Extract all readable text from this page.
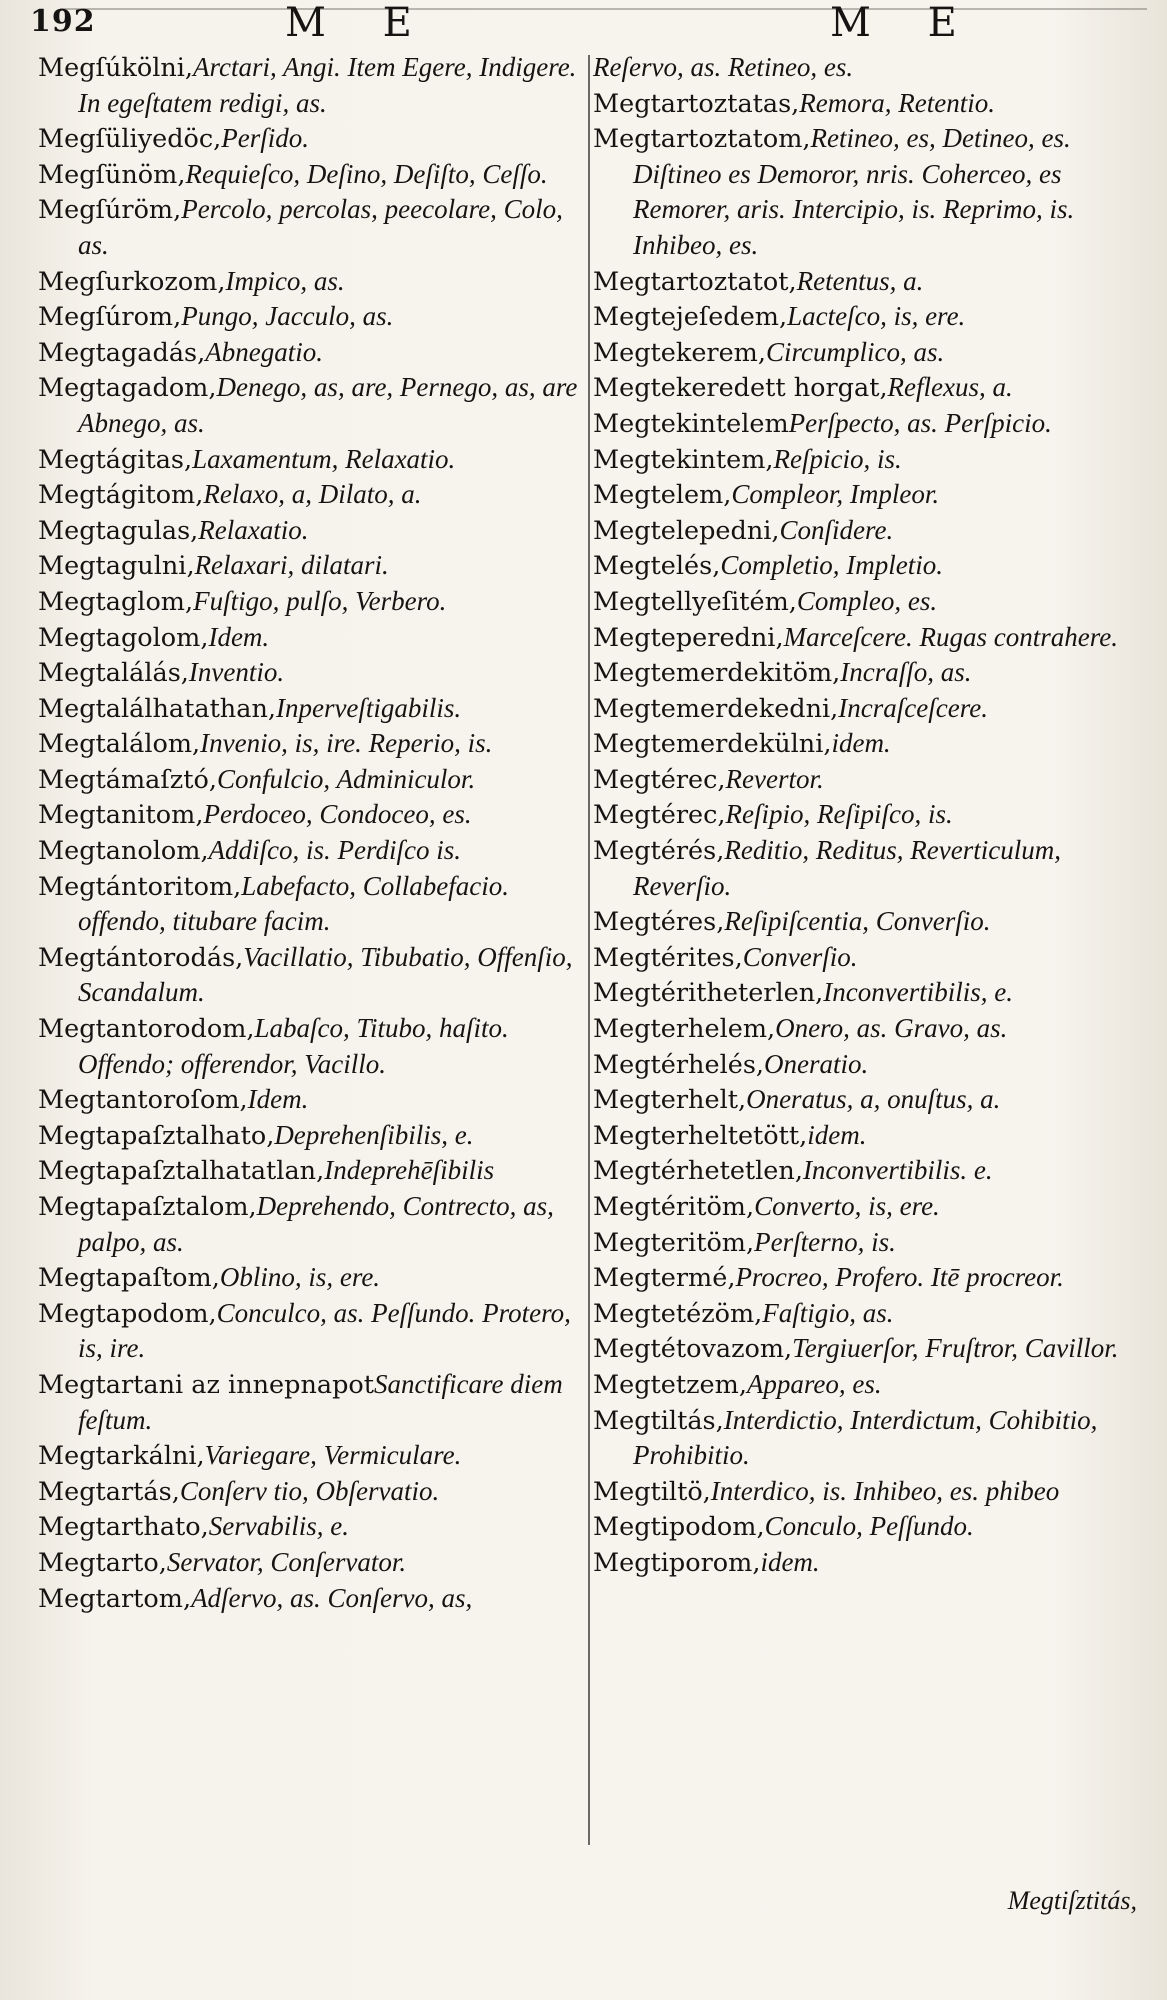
192	M E	M E
Megſúkölni,Arctari, Angi. Item Egere, Indigere. In egeſtatem redigi, as.
Megſüliyedöc,Perſido.
Megſünöm,Requieſco, Deſino, Deſiſto, Ceſſo.
Megſúröm,Percolo, percolas, peecolare, Colo, as.
Megſurkozom,Impico, as.
Megſúrom,Pungo, Jacculo, as.
Megtagadás,Abnegatio.
Megtagadom,Denego, as, are, Pernego, as, are Abnego, as.
Megtágitas,Laxamentum, Relaxatio.
Megtágitom,Relaxo, a, Dilato, a.
Megtagulas,Relaxatio.
Megtagulni,Relaxari, dilatari.
Megtaglom,Fuſtigo, pulſo, Verbero.
Megtagolom,Idem.
Megtalálás,Inventio.
Megtalálhatathan,Inperveſtigabilis.
Megtalálom,Invenio, is, ire. Reperio, is.
Megtámaſztó,Confulcio, Adminiculor.
Megtanitom,Perdoceo, Condoceo, es.
Megtanolom,Addiſco, is. Perdiſco is.
Megtántoritom,Labefacto, Collabefacio. offendo, titubare facim.
Megtántorodás,Vacillatio, Tibubatio, Offenſio, Scandalum.
Megtantorodom,Labaſco, Titubo, haſito. Offendo; offerendor, Vacillo.
Megtantoroſom,Idem.
Megtapaſztalhato,Deprehenſibilis, e.
Megtapaſztalhatatlan,Indeprehēſibilis
Megtapaſztalom,Deprehendo, Contrecto, as, palpo, as.
Megtapaſtom,Oblino, is, ere.
Megtapodom,Conculco, as. Peſſundo. Protero, is, ire.
Megtartani az innepnapotSanctificare diem feſtum.
Megtarkálni,Variegare, Vermiculare.
Megtartás,Conſerv tio, Obſervatio.
Megtarthato,Servabilis, e.
Megtarto,Servator, Conſervator.
Megtartom,Adſervo, as. Conſervo, as,
Reſervo, as. Retineo, es.
Megtartoztatas,Remora, Retentio.
Megtartoztatom,Retineo, es, Detineo, es. Diſtineo es Demoror, nris. Coherceo, es Remorer, aris. Intercipio, is. Reprimo, is. Inhibeo, es.
Megtartoztatot,Retentus, a.
Megtejeſedem,Lacteſco, is, ere.
Megtekerem,Circumplico, as.
Megtekeredett horgat,Reflexus, a.
MegtekintelemPerſpecto, as. Perſpicio.
Megtekintem,Reſpicio, is.
Megtelem,Compleor, Impleor.
Megtelepedni,Conſidere.
Megtelés,Completio, Impletio.
Megtellyeſitém,Compleo, es.
Megteperedni,Marceſcere. Rugas contrahere.
Megtemerdekitöm,Incraſſo, as.
Megtemerdekedni,Incraſceſcere.
Megtemerdekülni,idem.
Megtérec,Revertor.
Megtérec,Reſipio, Reſipiſco, is.
Megtérés,Reditio, Reditus, Reverticulum, Reverſio.
Megtéres,Reſipiſcentia, Converſio.
Megtérites,Converſio.
Megtéritheterlen,Inconvertibilis, e.
Megterhelem,Onero, as. Gravo, as.
Megtérhelés,Oneratio.
Megterhelt,Oneratus, a, onuſtus, a.
Megterheltetött,idem.
Megtérhetetlen,Inconvertibilis. e.
Megtéritöm,Converto, is, ere.
Megteritöm,Perſterno, is.
Megtermé,Procreo, Profero. Itē procreor.
Megtetézöm,Faſtigio, as.
Megtétovazom,Tergiuerſor, Fruſtror, Cavillor.
Megtetzem,Appareo, es.
Megtiltás,Interdictio, Interdictum, Cohibitio, Prohibitio.
Megtiltö,Interdico, is. Inhibeo, es. phibeo
Megtipodom,Conculo, Peſſundo.
Megtiporom,idem.
Megtiſztitás,
